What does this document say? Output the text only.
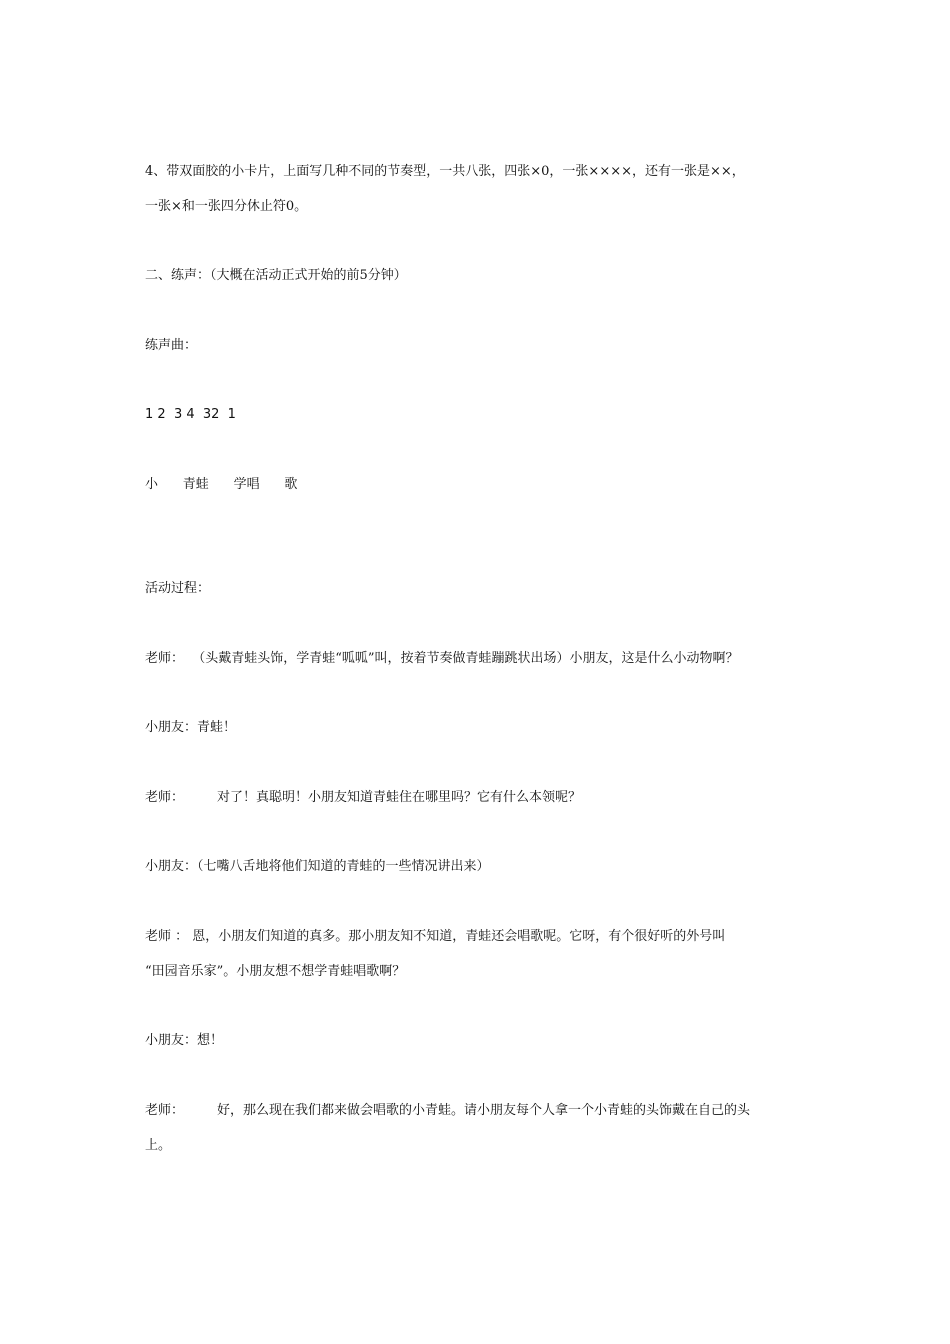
4、带双面胶的小卡片，上面写几种不同的节奏型，一共八张，四张×0，一张××××，还有一张是××，
一张×和一张四分休止符0。
二、练声：（大概在活动正式开始的前5分钟）
练声曲：
1 2  3 4  32  1
小      青蛙      学唱      歌
活动过程：
老师：  （头戴青蛙头饰，学青蛙“呱呱”叫，按着节奏做青蛙蹦跳状出场）小朋友，这是什么小动物啊？
小朋友：青蛙！
老师：        对了！真聪明！小朋友知道青蛙住在哪里吗？它有什么本领呢？
小朋友：（七嘴八舌地将他们知道的青蛙的一些情况讲出来）
老师 ： 恩，小朋友们知道的真多。那小朋友知不知道，青蛙还会唱歌呢。它呀，有个很好听的外号叫
“田园音乐家”。小朋友想不想学青蛙唱歌啊？
小朋友：想！
老师：        好，那么现在我们都来做会唱歌的小青蛙。请小朋友每个人拿一个小青蛙的头饰戴在自己的头
上。
